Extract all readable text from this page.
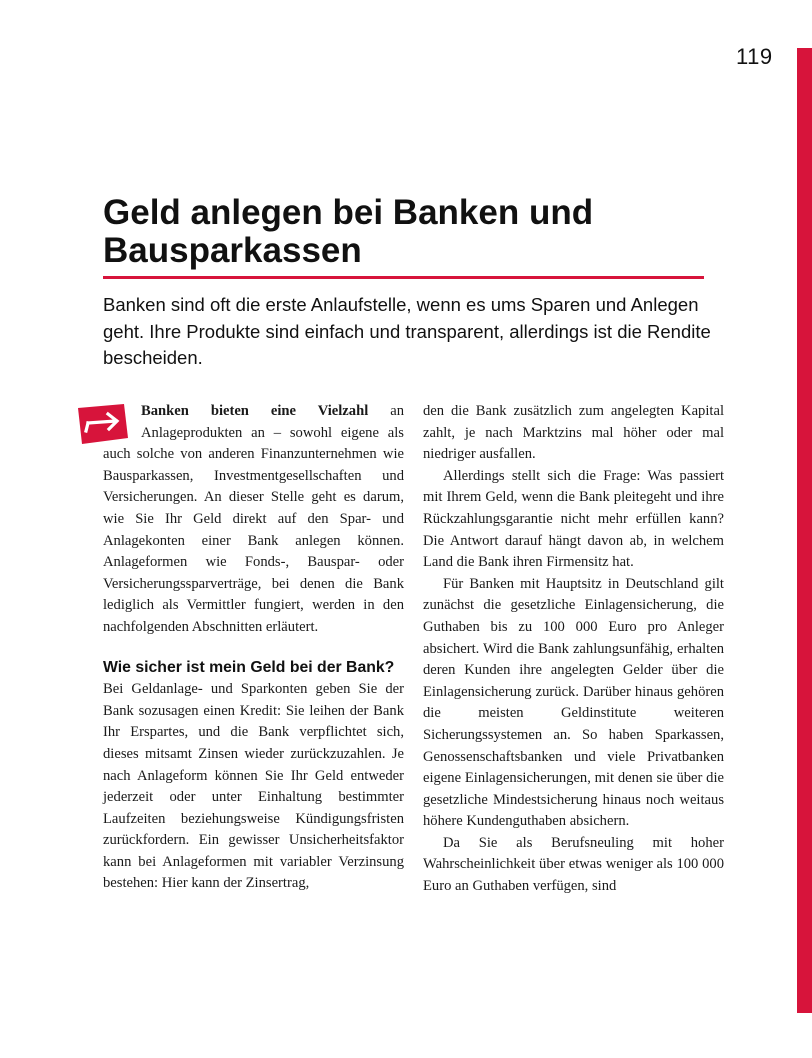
119
Geld anlegen bei Banken und Bausparkassen

Banken sind oft die erste Anlaufstelle, wenn es ums Sparen und Anlegen geht. Ihre Produkte sind einfach und transparent, allerdings ist die Rendite bescheiden.

Banken bieten eine Vielzahl an Anlageprodukten an – sowohl eigene als auch solche von anderen Finanzunternehmen wie Bausparkassen, Investmentgesellschaften und Versicherungen. An dieser Stelle geht es darum, wie Sie Ihr Geld direkt auf den Spar- und Anlagekonten einer Bank anlegen können. Anlageformen wie Fonds-, Bauspar- oder Versicherungssparverträge, bei denen die Bank lediglich als Vermittler fungiert, werden in den nachfolgenden Abschnitten erläutert.

Wie sicher ist mein Geld bei der Bank?

Bei Geldanlage- und Sparkonten geben Sie der Bank sozusagen einen Kredit: Sie leihen der Bank Ihr Erspartes, und die Bank verpflichtet sich, dieses mitsamt Zinsen wieder zurückzuzahlen. Je nach Anlageform können Sie Ihr Geld entweder jederzeit oder unter Einhaltung bestimmter Laufzeiten beziehungsweise Kündigungsfristen zurückfordern. Ein gewisser Unsicherheitsfaktor kann bei Anlageformen mit variabler Verzinsung bestehen: Hier kann der Zinsertrag,

den die Bank zusätzlich zum angelegten Kapital zahlt, je nach Marktzins mal höher oder mal niedriger ausfallen.

Allerdings stellt sich die Frage: Was passiert mit Ihrem Geld, wenn die Bank pleitegeht und ihre Rückzahlungsgarantie nicht mehr erfüllen kann? Die Antwort darauf hängt davon ab, in welchem Land die Bank ihren Firmensitz hat.

Für Banken mit Hauptsitz in Deutschland gilt zunächst die gesetzliche Einlagensicherung, die Guthaben bis zu 100 000 Euro pro Anleger absichert. Wird die Bank zahlungsunfähig, erhalten deren Kunden ihre angelegten Gelder über die Einlagensicherung zurück. Darüber hinaus gehören die meisten Geldinstitute weiteren Sicherungssystemen an. So haben Sparkassen, Genossenschaftsbanken und viele Privatbanken eigene Einlagensicherungen, mit denen sie über die gesetzliche Mindestsicherung hinaus noch weitaus höhere Kundenguthaben absichern.

Da Sie als Berufsneuling mit hoher Wahrscheinlichkeit über etwas weniger als 100 000 Euro an Guthaben verfügen, sind
